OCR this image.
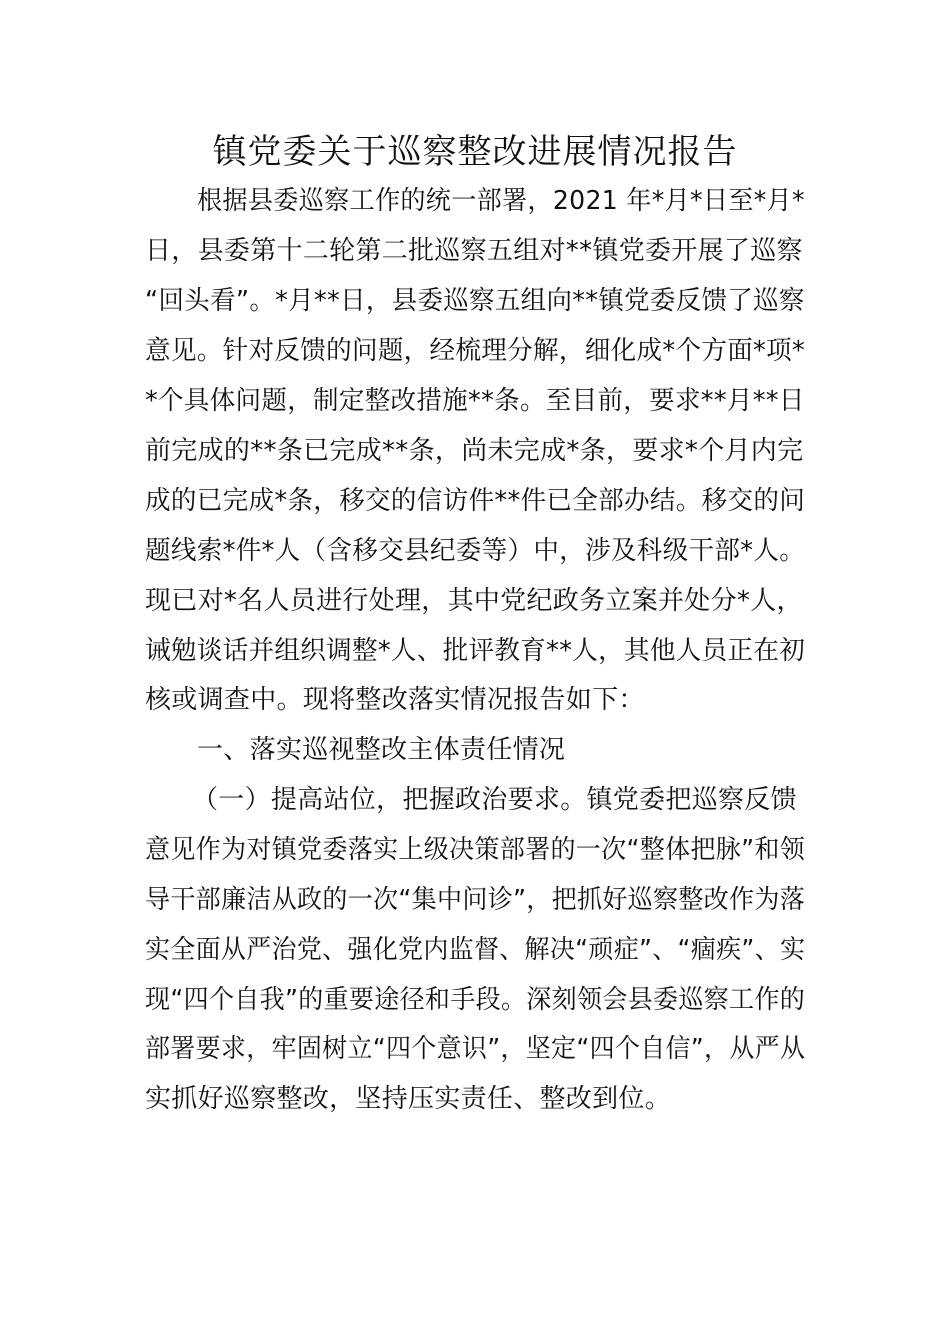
镇党委关于巡察整改进展情况报告
根据县委巡察工作的统一部署，2021 年*月*日至*月*
日，县委第十二轮第二批巡察五组对**镇党委开展了巡察
“回头看”。*月**日，县委巡察五组向**镇党委反馈了巡察
意见。针对反馈的问题，经梳理分解，细化成*个方面*项*
*个具体问题，制定整改措施**条。至目前，要求**月**日
前完成的**条已完成**条，尚未完成*条，要求*个月内完
成的已完成*条，移交的信访件**件已全部办结。移交的问
题线索*件*人（含移交县纪委等）中，涉及科级干部*人。
现已对*名人员进行处理，其中党纪政务立案并处分*人，
诫勉谈话并组织调整*人、批评教育**人，其他人员正在初
核或调查中。现将整改落实情况报告如下：
一、落实巡视整改主体责任情况
（一）提高站位，把握政治要求。镇党委把巡察反馈
意见作为对镇党委落实上级决策部署的一次“整体把脉”和领
导干部廉洁从政的一次“集中问诊”，把抓好巡察整改作为落
实全面从严治党、强化党内监督、解决“顽症”、“痼疾”、实
现“四个自我”的重要途径和手段。深刻领会县委巡察工作的
部署要求，牢固树立“四个意识”，坚定“四个自信”，从严从
实抓好巡察整改，坚持压实责任、整改到位。
